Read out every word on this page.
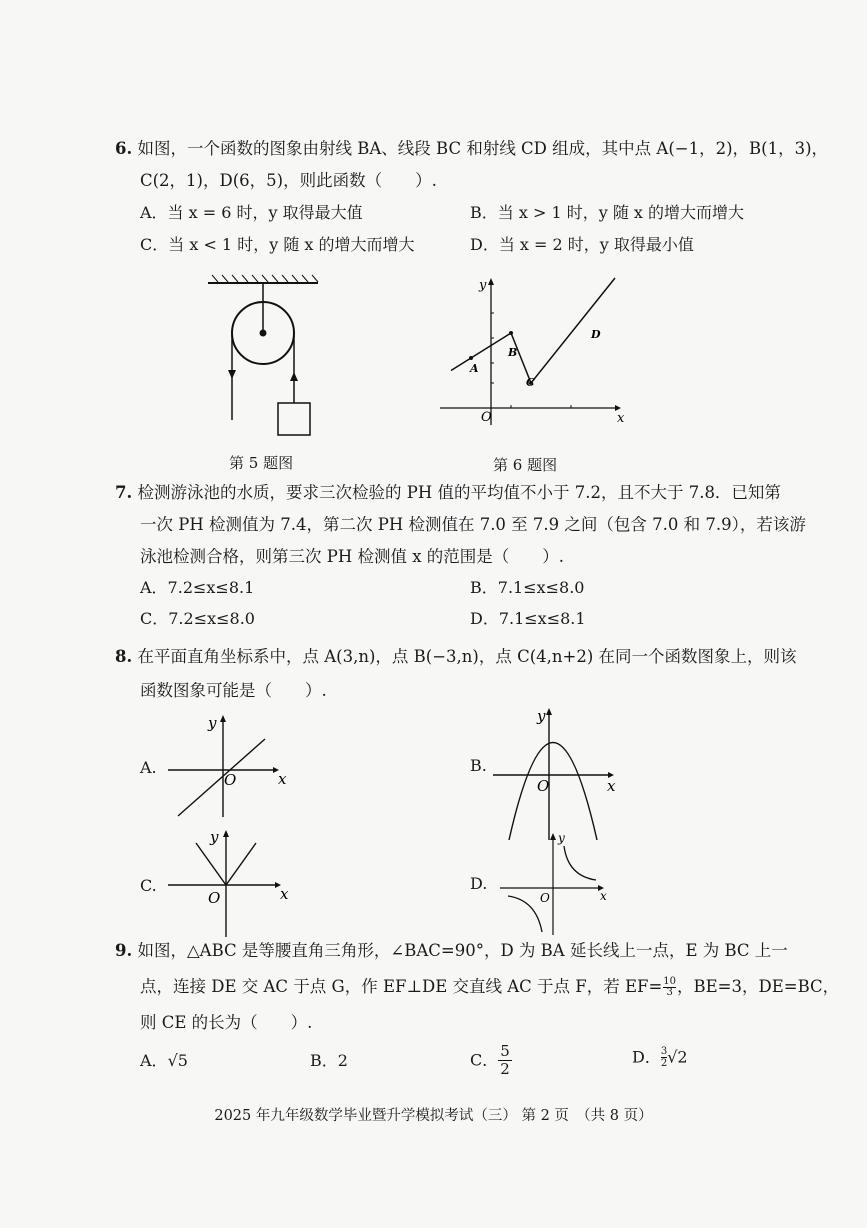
6. 如图，一个函数的图象由射线 BA、线段 BC 和射线 CD 组成，其中点 A(−1，2)，B(1，3)，
C(2，1)，D(6，5)，则此函数（　　）.
A．当 x = 6 时，y 取得最大值	B．当 x > 1 时，y 随 x 的增大而增大
C．当 x < 1 时，y 随 x 的增大而增大	D．当 x = 2 时，y 取得最小值
第 5 题图
y
x
O
A
B
C
D
第 6 题图
7. 检测游泳池的水质，要求三次检验的 PH 值的平均值不小于 7.2，且不大于 7.8．已知第
一次 PH 检测值为 7.4，第二次 PH 检测值在 7.0 至 7.9 之间（包含 7.0 和 7.9），若该游
泳池检测合格，则第三次 PH 检测值 x 的范围是（　　）.
A．7.2≤x≤8.1	B．7.1≤x≤8.0
C．7.2≤x≤8.0	D．7.1≤x≤8.1
8. 在平面直角坐标系中，点 A(3,n)，点 B(−3,n)，点 C(4,n+2) 在同一个函数图象上，则该
函数图象可能是（　　）.
A.
y
x
O
B.
y
x
O
C.
y
x
O
D.
y
x
O
9. 如图，△ABC 是等腰直角三角形，∠BAC=90°，D 为 BA 延长线上一点，E 为 BC 上一
点，连接 DE 交 AC 于点 G，作 EF⊥DE 交直线 AC 于点 F，若 $EF= \frac{10}{3}$ ，BE=3，DE=BC，
则 CE 的长为（　　）.
A．√5	B．2	C． $\frac{5}{2}$	D． $\frac{3}{2} √2$
2025 年九年级数学毕业暨升学模拟考试（三） 第 2 页　（共 8 页）
